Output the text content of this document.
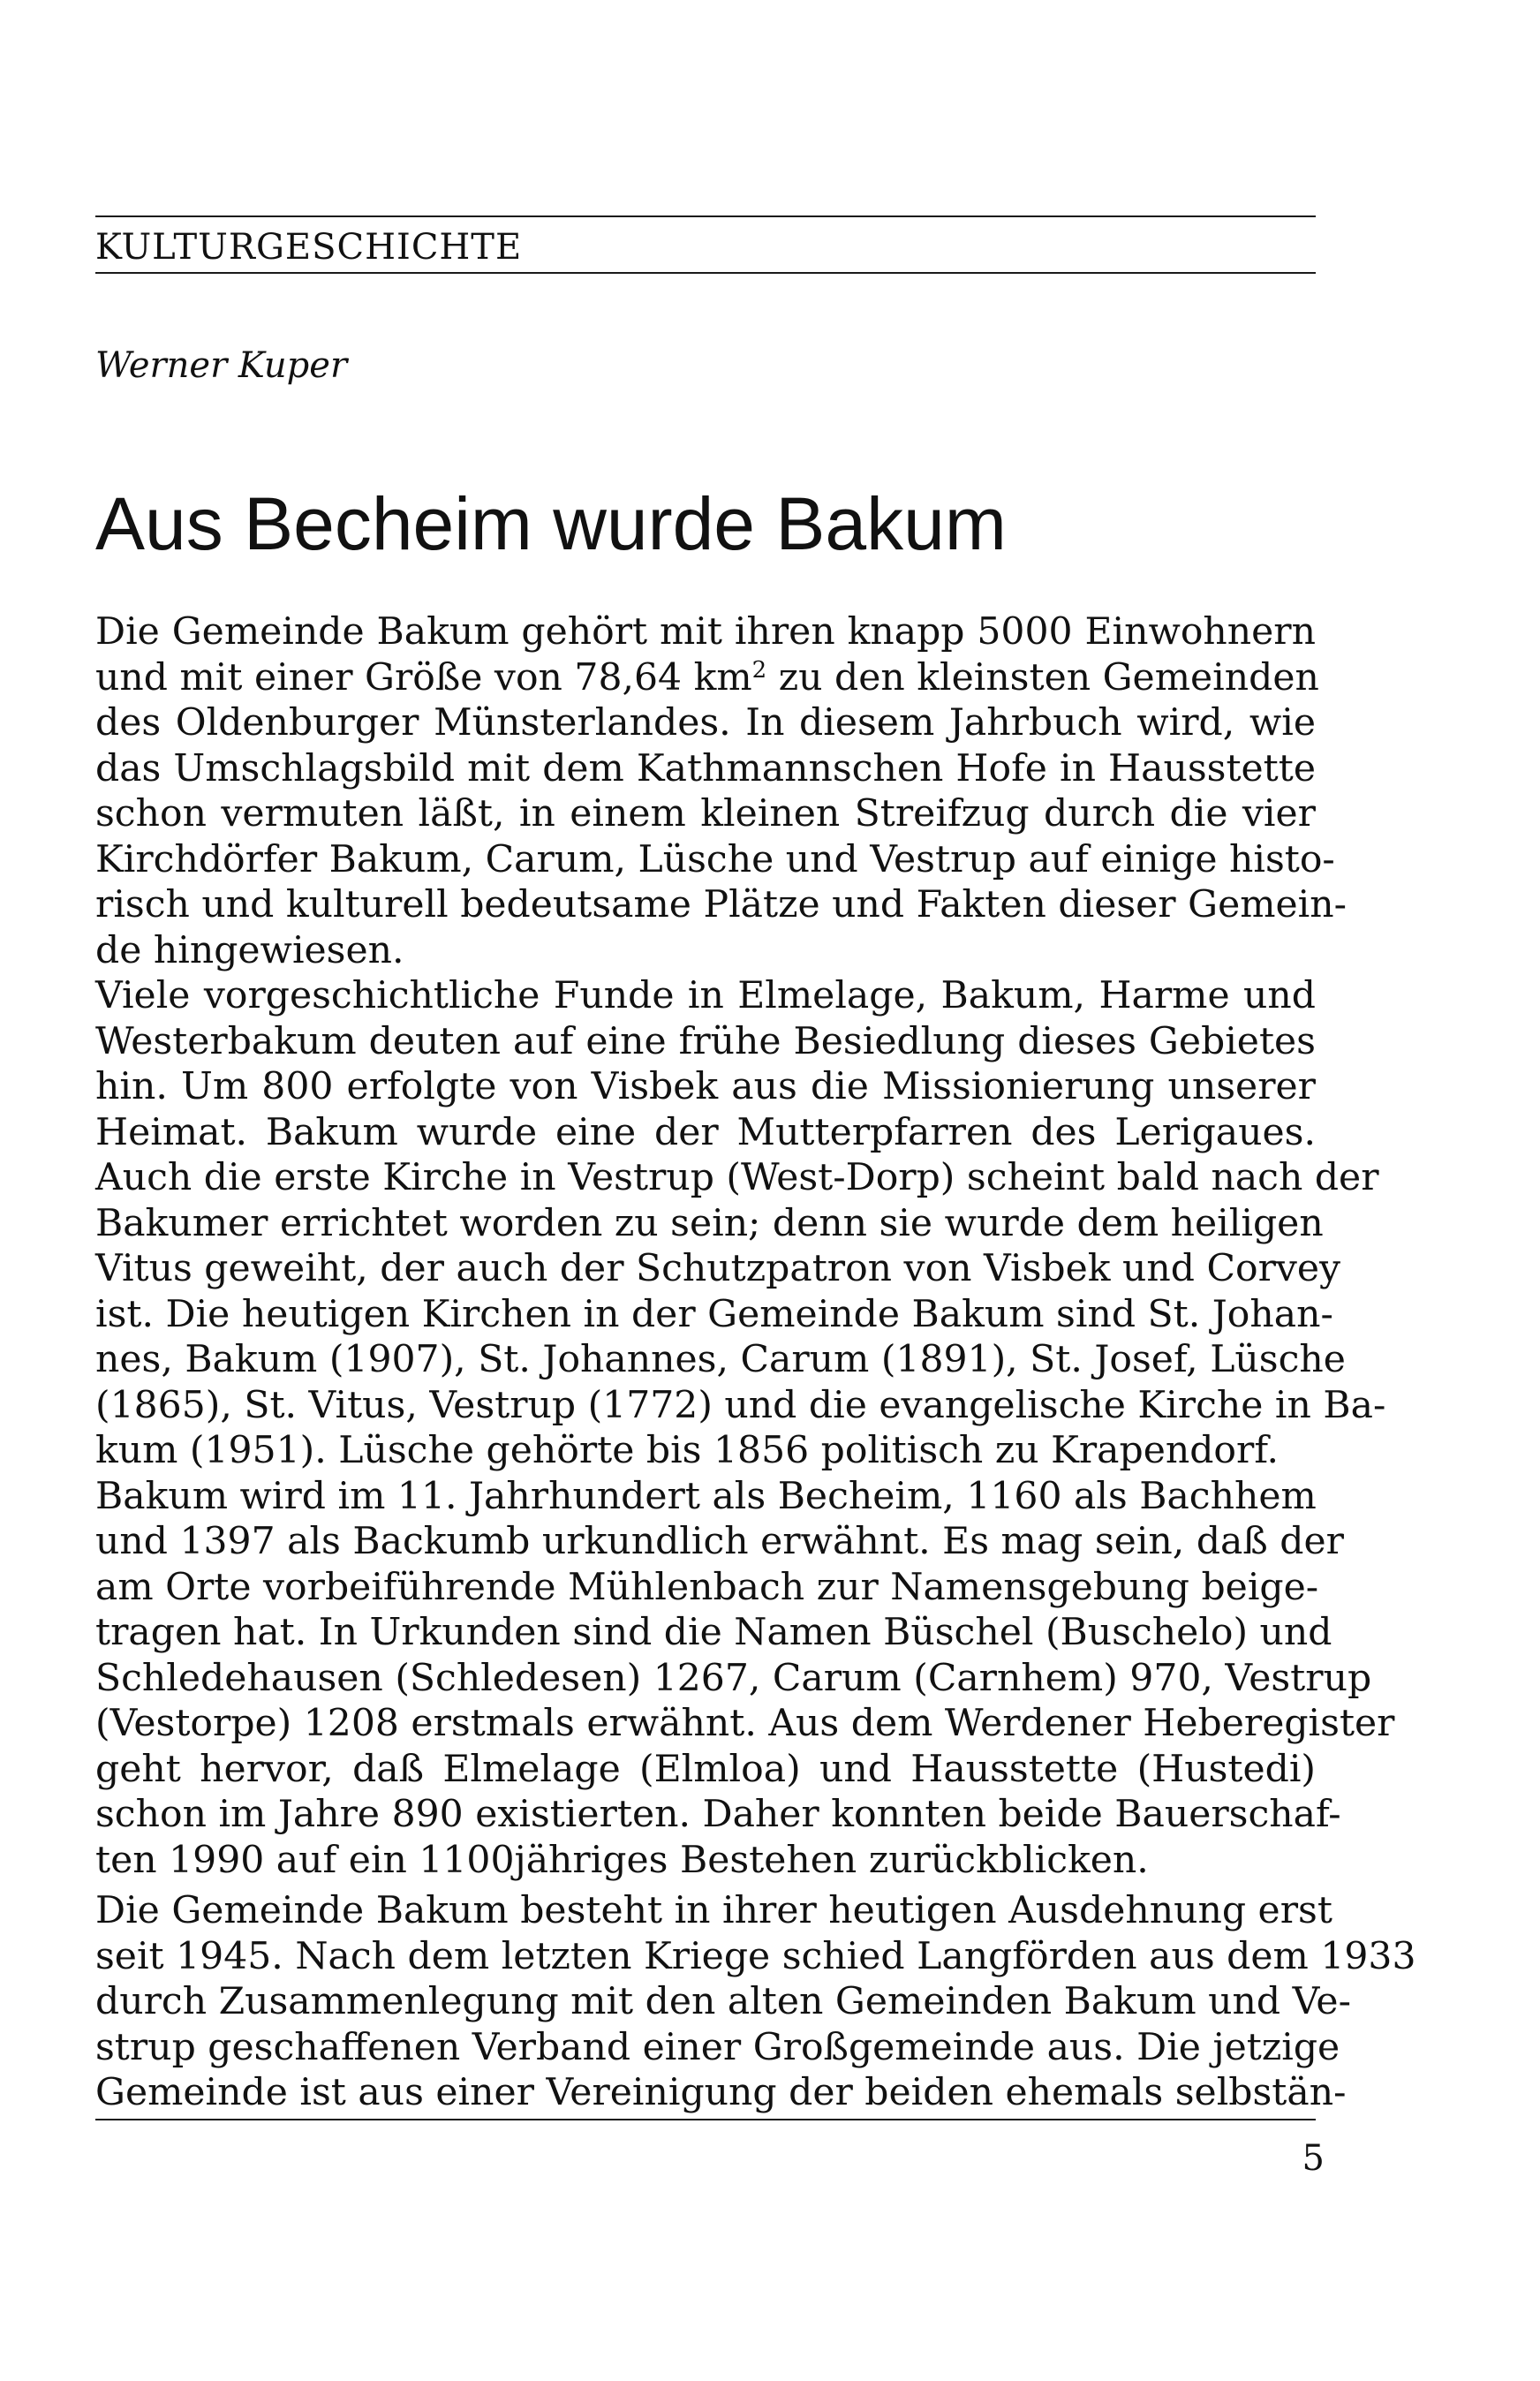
KULTURGESCHICHTE
Werner Kuper
Aus Becheim wurde Bakum
Die Gemeinde Bakum gehört mit ihren knapp 5000 Einwohnern
und mit einer Größe von 78,64 $km^2$ zu den kleinsten Gemeinden
des Oldenburger Münsterlandes. In diesem Jahrbuch wird, wie
das Umschlagsbild mit dem Kathmannschen Hofe in Hausstette
schon vermuten läßt, in einem kleinen Streifzug durch die vier
Kirchdörfer Bakum, Carum, Lüsche und Vestrup auf einige histo-
risch und kulturell bedeutsame Plätze und Fakten dieser Gemein-
de hingewiesen.
Viele vorgeschichtliche Funde in Elmelage, Bakum, Harme und
Westerbakum deuten auf eine frühe Besiedlung dieses Gebietes
hin. Um 800 erfolgte von Visbek aus die Missionierung unserer
Heimat. Bakum wurde eine der Mutterpfarren des Lerigaues.
Auch die erste Kirche in Vestrup (West-Dorp) scheint bald nach der
Bakumer errichtet worden zu sein; denn sie wurde dem heiligen
Vitus geweiht, der auch der Schutzpatron von Visbek und Corvey
ist. Die heutigen Kirchen in der Gemeinde Bakum sind St. Johan-
nes, Bakum (1907), St. Johannes, Carum (1891), St. Josef, Lüsche
(1865), St. Vitus, Vestrup (1772) und die evangelische Kirche in Ba-
kum (1951). Lüsche gehörte bis 1856 politisch zu Krapendorf.
Bakum wird im 11. Jahrhundert als Becheim, 1160 als Bachhem
und 1397 als Backumb urkundlich erwähnt. Es mag sein, daß der
am Orte vorbeiführende Mühlenbach zur Namensgebung beige-
tragen hat. In Urkunden sind die Namen Büschel (Buschelo) und
Schledehausen (Schledesen) 1267, Carum (Carnhem) 970, Vestrup
(Vestorpe) 1208 erstmals erwähnt. Aus dem Werdener Heberegister
geht hervor, daß Elmelage (Elmloa) und Hausstette (Hustedi)
schon im Jahre 890 existierten. Daher konnten beide Bauerschaf-
ten 1990 auf ein 1100jähriges Bestehen zurückblicken.
Die Gemeinde Bakum besteht in ihrer heutigen Ausdehnung erst
seit 1945. Nach dem letzten Kriege schied Langförden aus dem 1933
durch Zusammenlegung mit den alten Gemeinden Bakum und Ve-
strup geschaffenen Verband einer Großgemeinde aus. Die jetzige
Gemeinde ist aus einer Vereinigung der beiden ehemals selbstän-
5
